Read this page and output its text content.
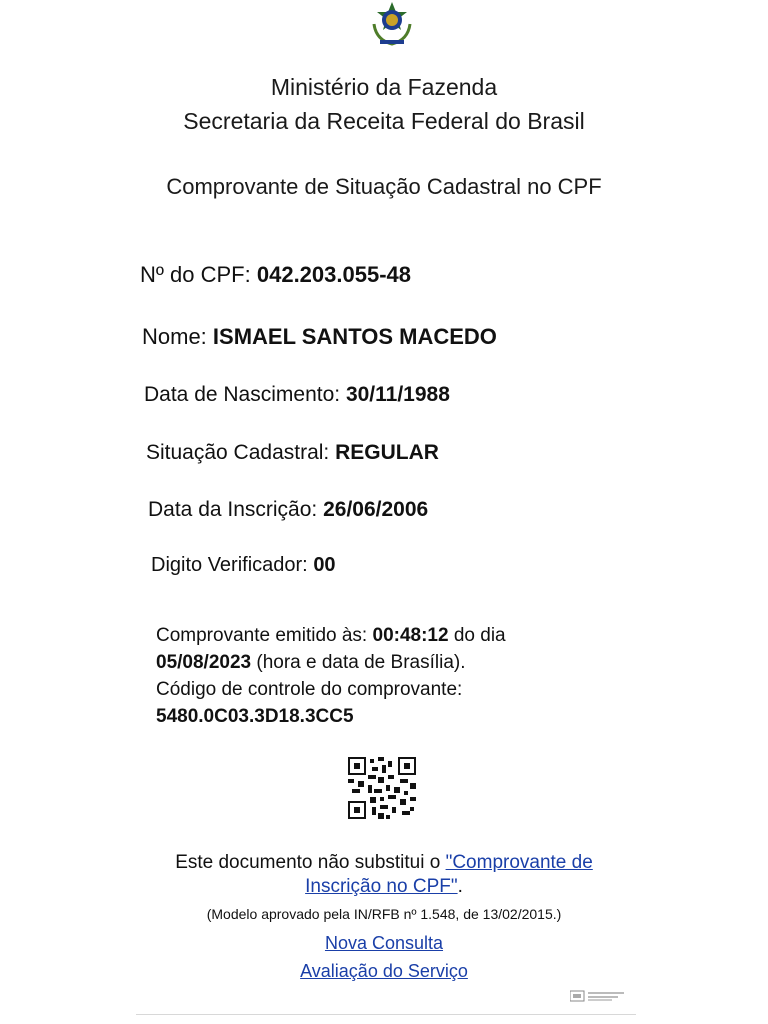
Ministério da Fazenda
Secretaria da Receita Federal do Brasil
Comprovante de Situação Cadastral no CPF
Nº do CPF: 042.203.055-48
Nome: ISMAEL SANTOS MACEDO
Data de Nascimento: 30/11/1988
Situação Cadastral: REGULAR
Data da Inscrição: 26/06/2006
Digito Verificador: 00
Comprovante emitido às: 00:48:12 do dia
05/08/2023 (hora e data de Brasília).
Código de controle do comprovante:
5480.0C03.3D18.3CC5
Este documento não substitui o "Comprovante de
Inscrição no CPF".
(Modelo aprovado pela IN/RFB nº 1.548, de 13/02/2015.)
Nova Consulta
Avaliação do Serviço
